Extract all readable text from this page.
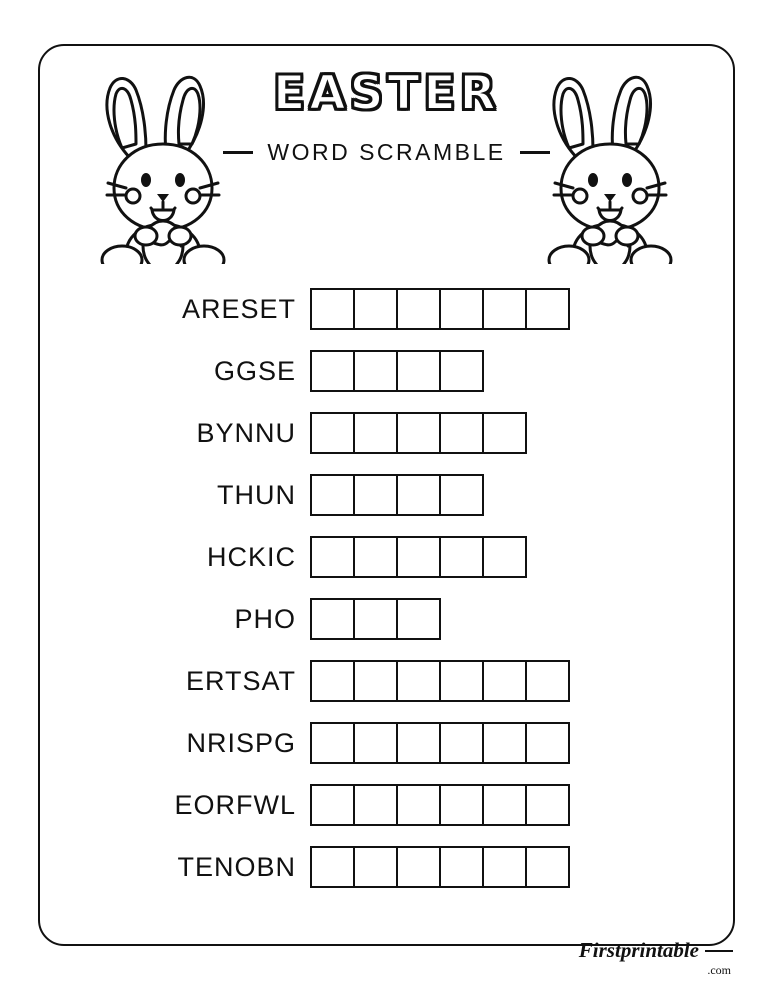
EASTER
WORD SCRAMBLE
ARESET
GGSE
BYNNU
THUN
HCKIC
PHO
ERTSAT
NRISPG
EORFWL
TENOBN
Firstprintable
.com
